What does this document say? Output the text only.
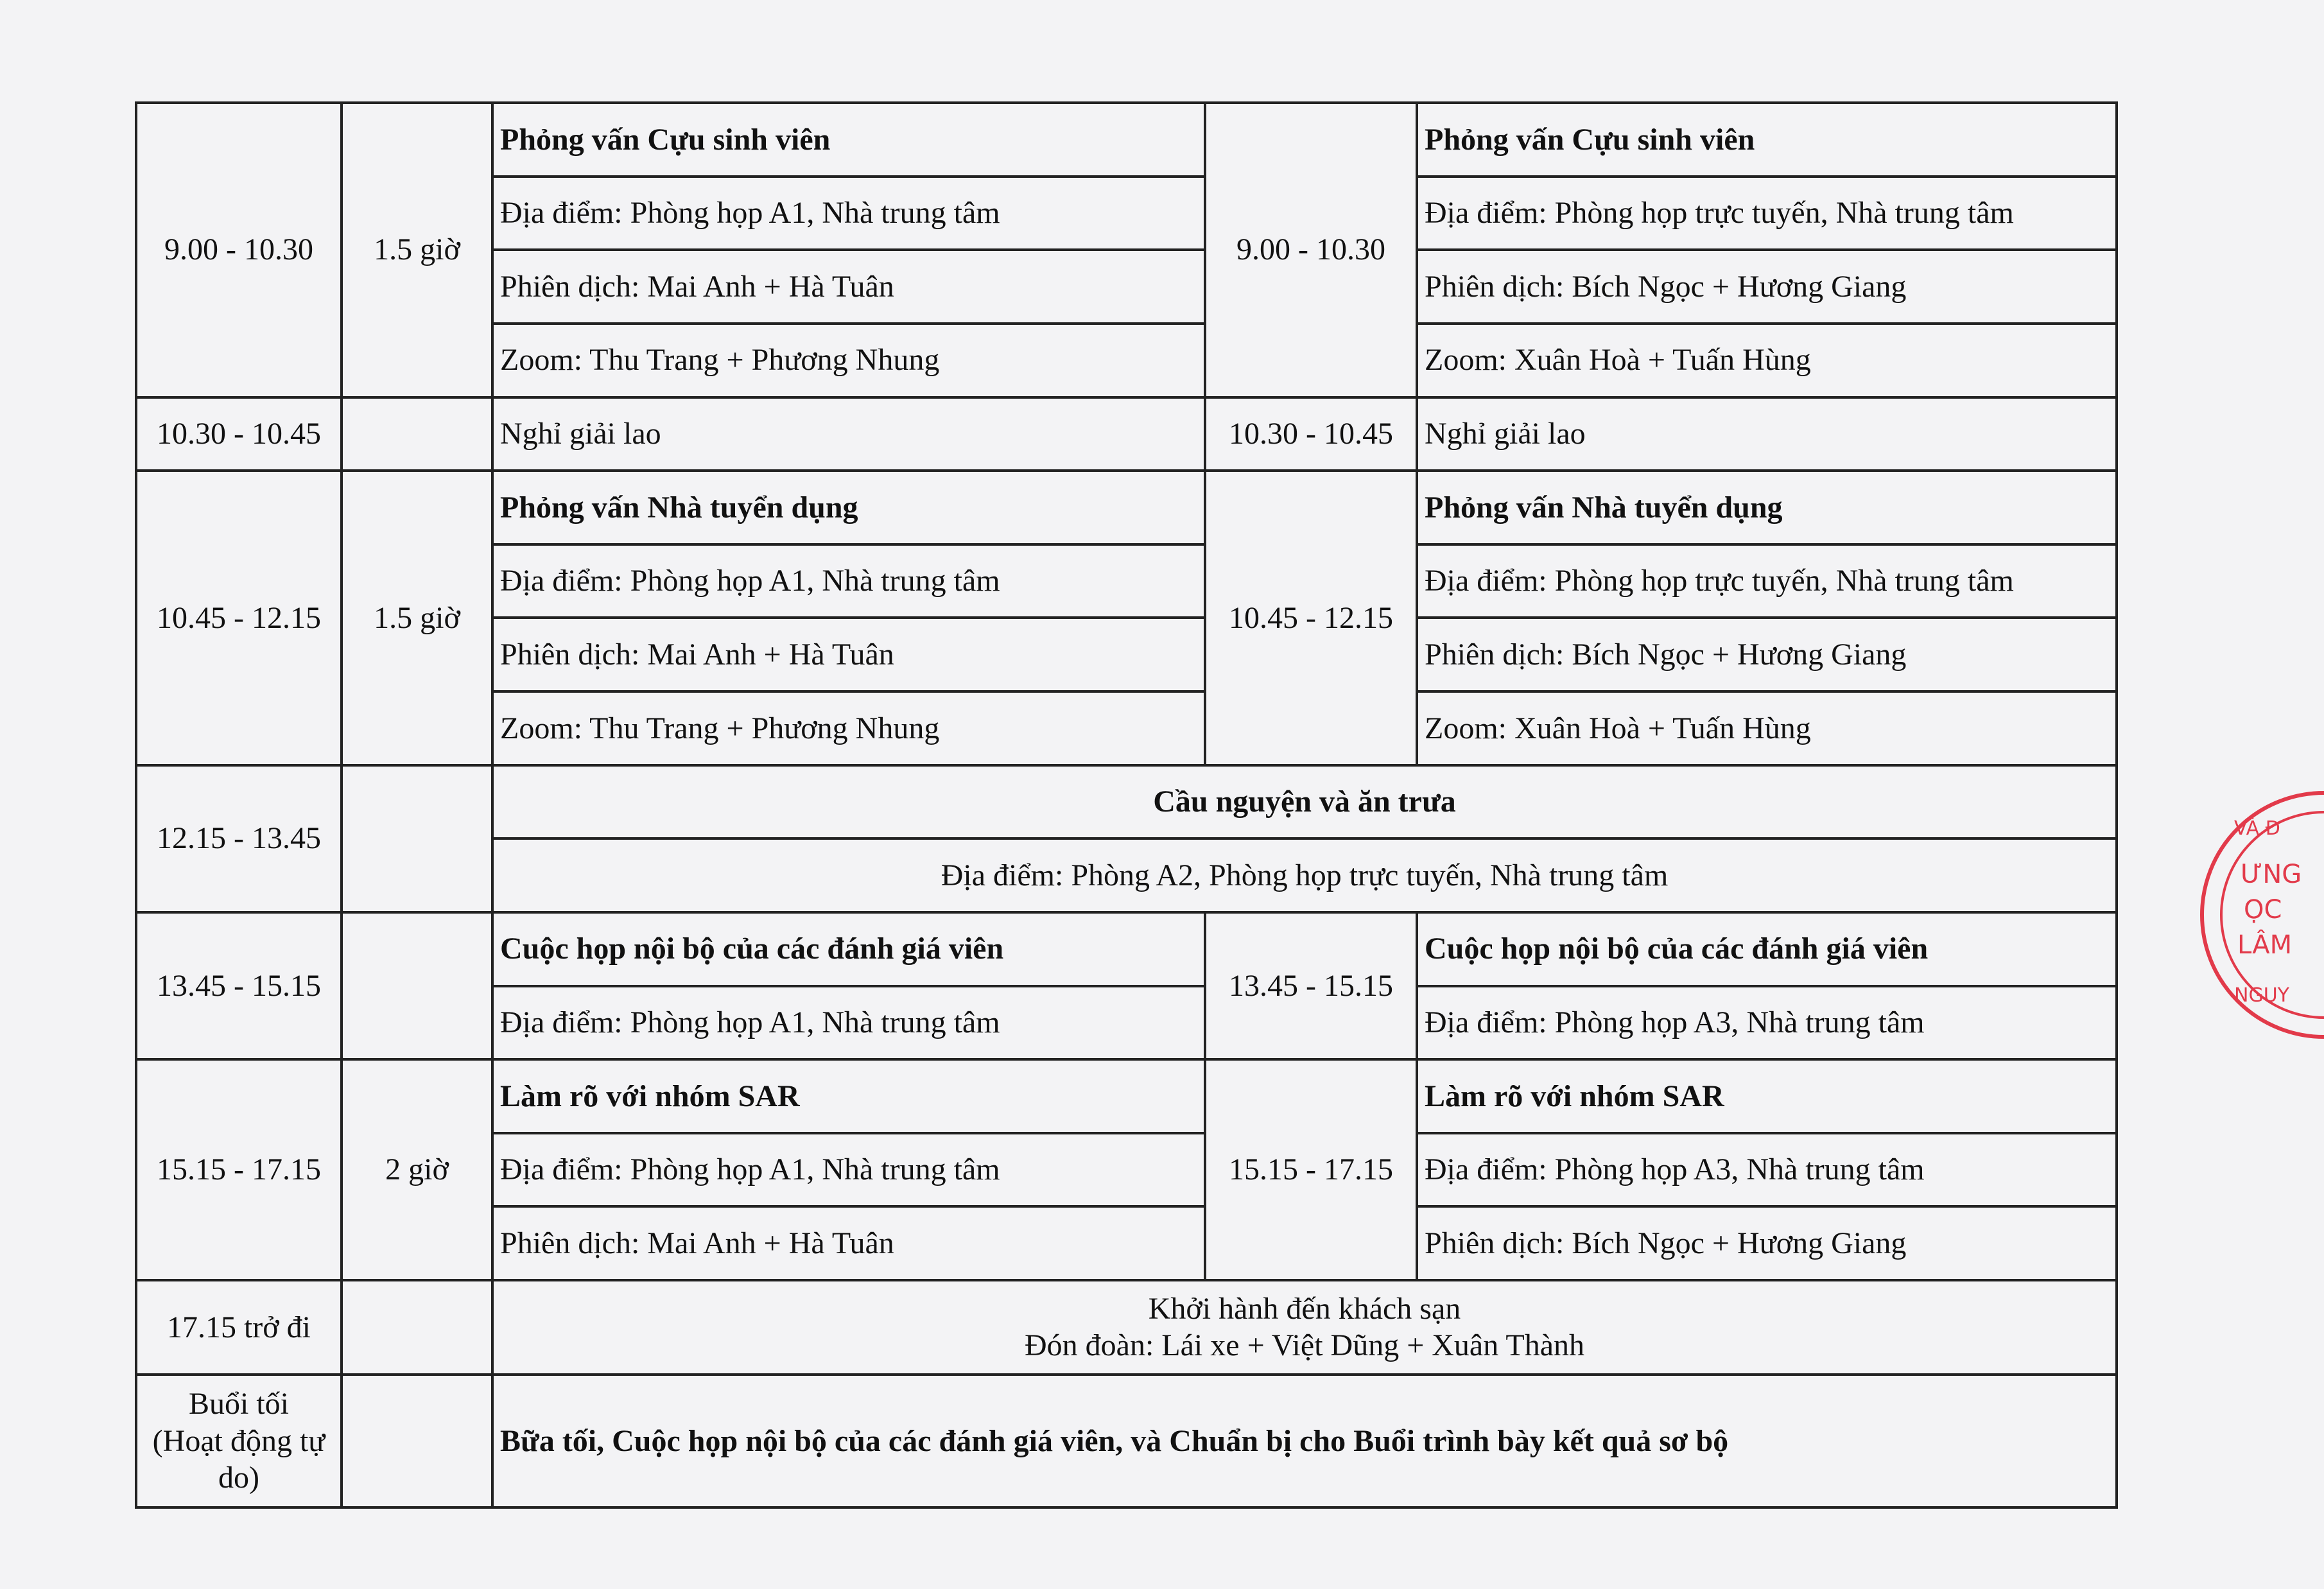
9.00 - 10.30	1.5 giờ	Phỏng vấn Cựu sinh viên	9.00 - 10.30	Phỏng vấn Cựu sinh viên
		Địa điểm: Phòng họp A1, Nhà trung tâm		Địa điểm: Phòng họp trực tuyến, Nhà trung tâm
		Phiên dịch: Mai Anh + Hà Tuân		Phiên dịch: Bích Ngọc + Hương Giang
		Zoom: Thu Trang + Phương Nhung		Zoom: Xuân Hoà + Tuấn Hùng
10.30 - 10.45		Nghỉ giải lao	10.30 - 10.45	Nghỉ giải lao
10.45 - 12.15	1.5 giờ	Phỏng vấn Nhà tuyển dụng	10.45 - 12.15	Phỏng vấn Nhà tuyển dụng
		Địa điểm: Phòng họp A1, Nhà trung tâm		Địa điểm: Phòng họp trực tuyến, Nhà trung tâm
		Phiên dịch: Mai Anh + Hà Tuân		Phiên dịch: Bích Ngọc + Hương Giang
		Zoom: Thu Trang + Phương Nhung		Zoom: Xuân Hoà + Tuấn Hùng
12.15 - 13.45		Cầu nguyện và ăn trưa		
		Địa điểm: Phòng A2, Phòng họp trực tuyến, Nhà trung tâm		
13.45 - 15.15		Cuộc họp nội bộ của các đánh giá viên	13.45 - 15.15	Cuộc họp nội bộ của các đánh giá viên
		Địa điểm: Phòng họp A1, Nhà trung tâm		Địa điểm: Phòng họp A3, Nhà trung tâm
15.15 - 17.15	2 giờ	Làm rõ với nhóm SAR	15.15 - 17.15	Làm rõ với nhóm SAR
		Địa điểm: Phòng họp A1, Nhà trung tâm		Địa điểm: Phòng họp A3, Nhà trung tâm
		Phiên dịch: Mai Anh + Hà Tuân		Phiên dịch: Bích Ngọc + Hương Giang
17.15 trở đi		Khởi hành đến khách sạn
Đón đoàn: Lái xe + Việt Dũng + Xuân Thành		

Buổi tối
(Hoạt động tự
do)		Bữa tối, Cuộc họp nội bộ của các đánh giá viên, và Chuẩn bị cho Buổi trình bày kết quả sơ bộ		
VÀ Đ
ƯNG
ỌC
LÂM
NGUY
